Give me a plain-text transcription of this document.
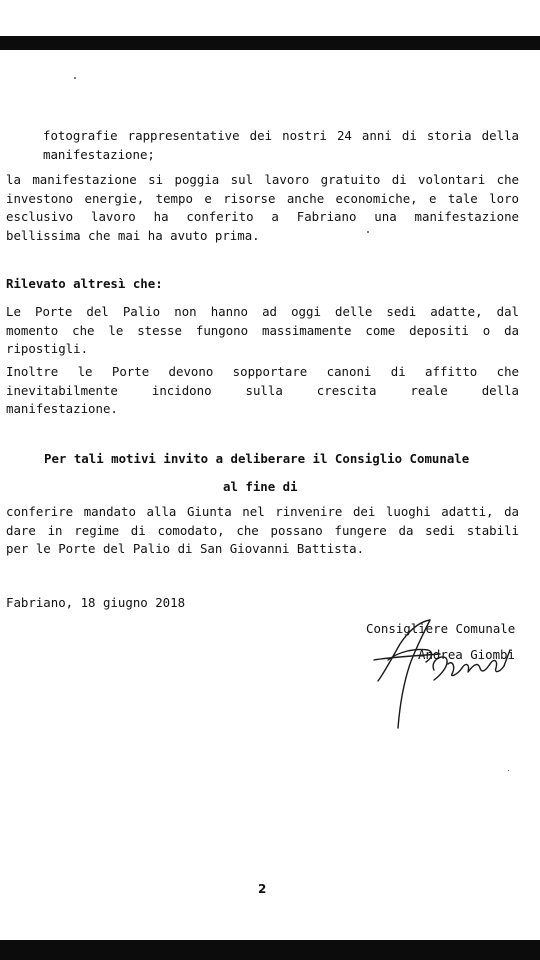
fotografie rappresentative dei nostri 24 anni di storia della
manifestazione;
la manifestazione si poggia sul lavoro gratuito di volontari che
investono energie, tempo e risorse anche economiche, e tale loro
esclusivo lavoro ha conferito a Fabriano una manifestazione
bellissima che mai ha avuto prima.

Rilevato altresì che:

Le Porte del Palio non hanno ad oggi delle sedi adatte, dal
momento che le stesse fungono massimamente come depositi o da
ripostigli.
Inoltre le Porte devono sopportare canoni di affitto che
inevitabilmente incidono sulla crescita reale della
manifestazione.

Per tali motivi invito a deliberare il Consiglio Comunale

al fine di

conferire mandato alla Giunta nel rinvenire dei luoghi adatti, da
dare in regime di comodato, che possano fungere da sedi stabili
per le Porte del Palio di San Giovanni Battista.

Fabriano, 18 giugno 2018

Consigliere Comunale

Andrea Giombi

2
